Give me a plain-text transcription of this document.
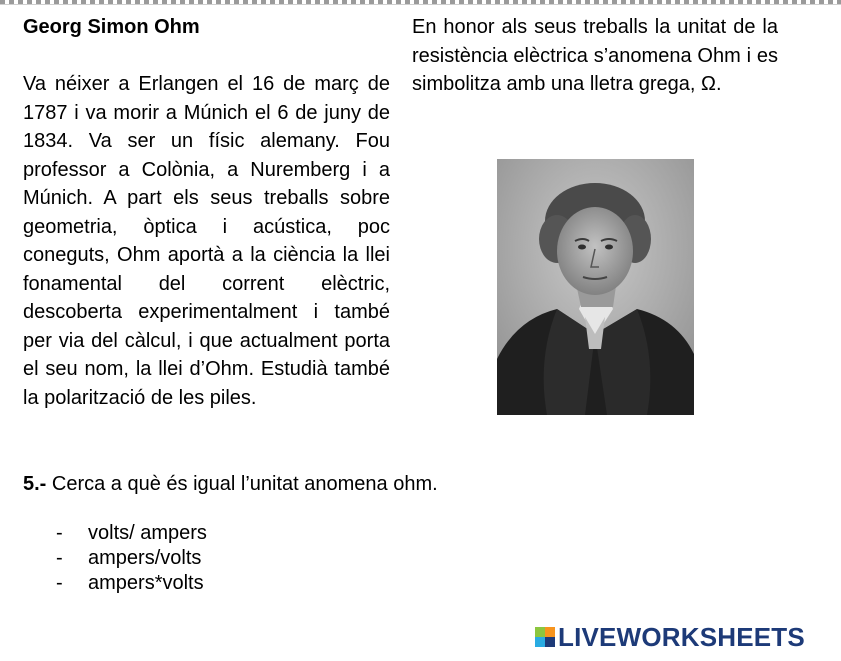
Georg Simon Ohm

Va néixer a Erlangen el 16 de març de 1787 i va morir a Múnich el 6 de juny de 1834. Va ser un físic alemany. Fou professor a Colònia, a Nuremberg i a Múnich. A part els seus treballs sobre geometria, òptica i acústica, poc coneguts, Ohm aportà a la ciència la llei fonamental del corrent elèctric, descoberta experimentalment i també per via del càlcul, i que actualment porta el seu nom, la llei d’Ohm. Estudià també la polarització de les piles.

En honor als seus treballs la unitat de la resistència elèctrica s’anomena Ohm i es simbolitza amb una lletra grega, Ω.
5.- Cerca a què és igual l’unitat anomena ohm.
-	volts/ ampers
-	ampers/volts
-	ampers*volts
LIVEWORKSHEETS
